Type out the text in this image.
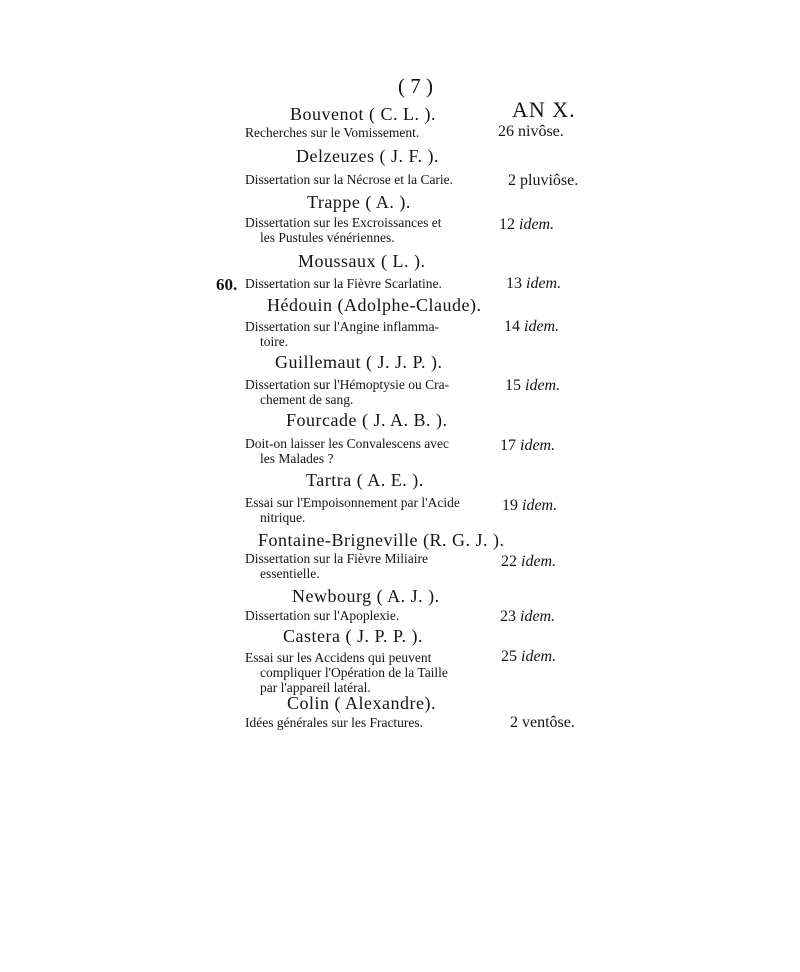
( 7 )
AN X.
60.
Bouvenot ( C. L. ).
Recherches sur le Vomissement.	26 nivôse.
Delzeuzes ( J. F. ).
Dissertation sur la Nécrose et la Carie.	2 pluviôse.
Trappe ( A. ).
Dissertation sur les Excroissances et
les Pustules vénériennes.
12 idem.
Moussaux ( L. ).
Dissertation sur la Fièvre Scarlatine.	13 idem.
Hédouin (Adolphe-Claude).
Dissertation sur l'Angine inflamma-
toire.
14 idem.
Guillemaut ( J. J. P. ).
Dissertation sur l'Hémoptysie ou Cra-
chement de sang.
15 idem.
Fourcade ( J. A. B. ).
Doit-on laisser les Convalescens avec
les Malades ?
17 idem.
Tartra ( A. E. ).
Essai sur l'Empoisonnement par l'Acide
nitrique.
19 idem.
Fontaine-Brigneville (R. G. J. ).
Dissertation sur la Fièvre Miliaire
essentielle.
22 idem.
Newbourg ( A. J. ).
Dissertation sur l'Apoplexie.	23 idem.
Castera ( J. P. P. ).
Essai sur les Accidens qui peuvent
compliquer l'Opération de la Taille
par l'appareil latéral.
25 idem.
Colin ( Alexandre).
Idées générales sur les Fractures.	2 ventôse.
